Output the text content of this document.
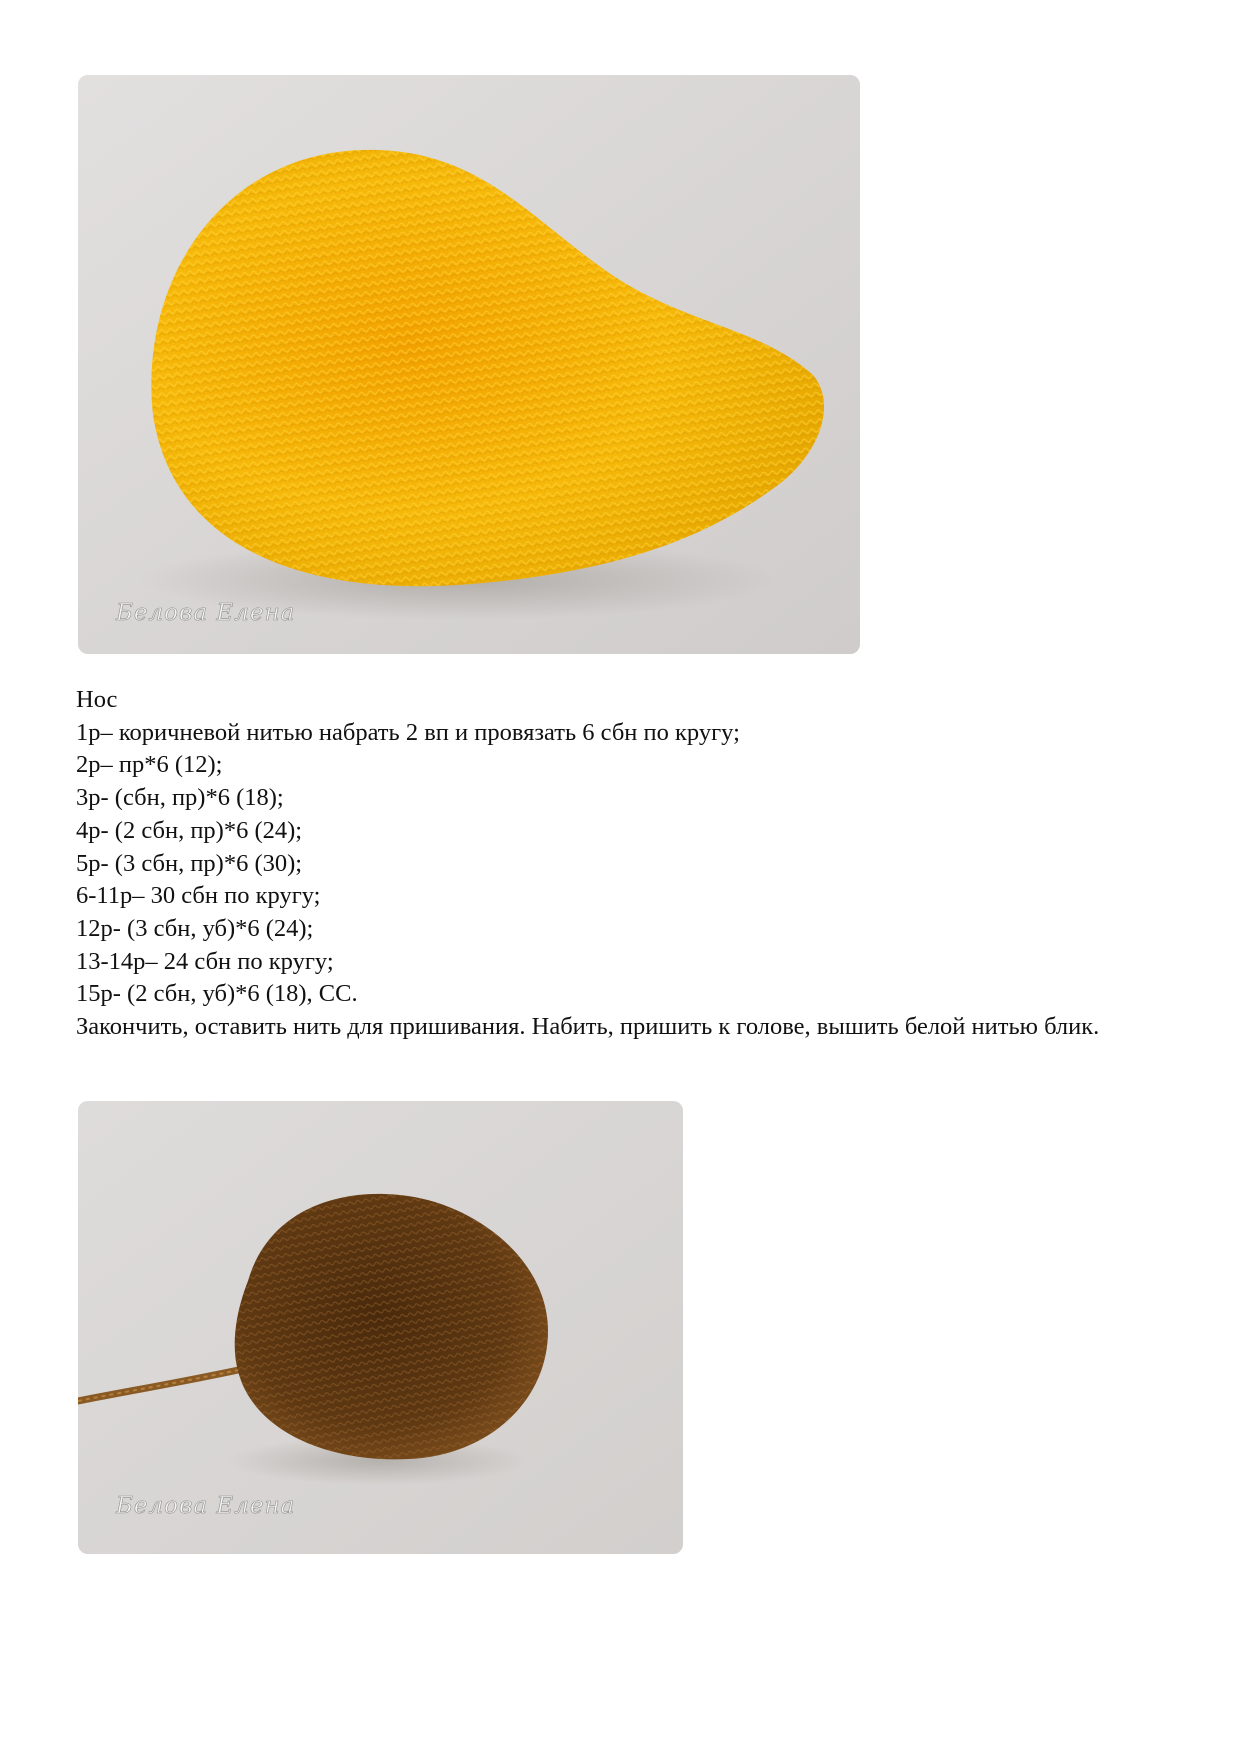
Белова Елена

Нос

1р– коричневой нитью набрать 2 вп и провязать 6 сбн по кругу;

2р– пр*6 (12);

3р- (сбн, пр)*6 (18);

4р- (2 сбн, пр)*6 (24);

5р- (3 сбн, пр)*6 (30);

6-11р– 30 сбн по кругу;

12р- (3 сбн, уб)*6 (24);

13-14р– 24 сбн по кругу;

15р- (2 сбн, уб)*6 (18), СС.

Закончить, оставить нить для пришивания. Набить, пришить к голове, вышить белой нитью блик.

Белова Елена
